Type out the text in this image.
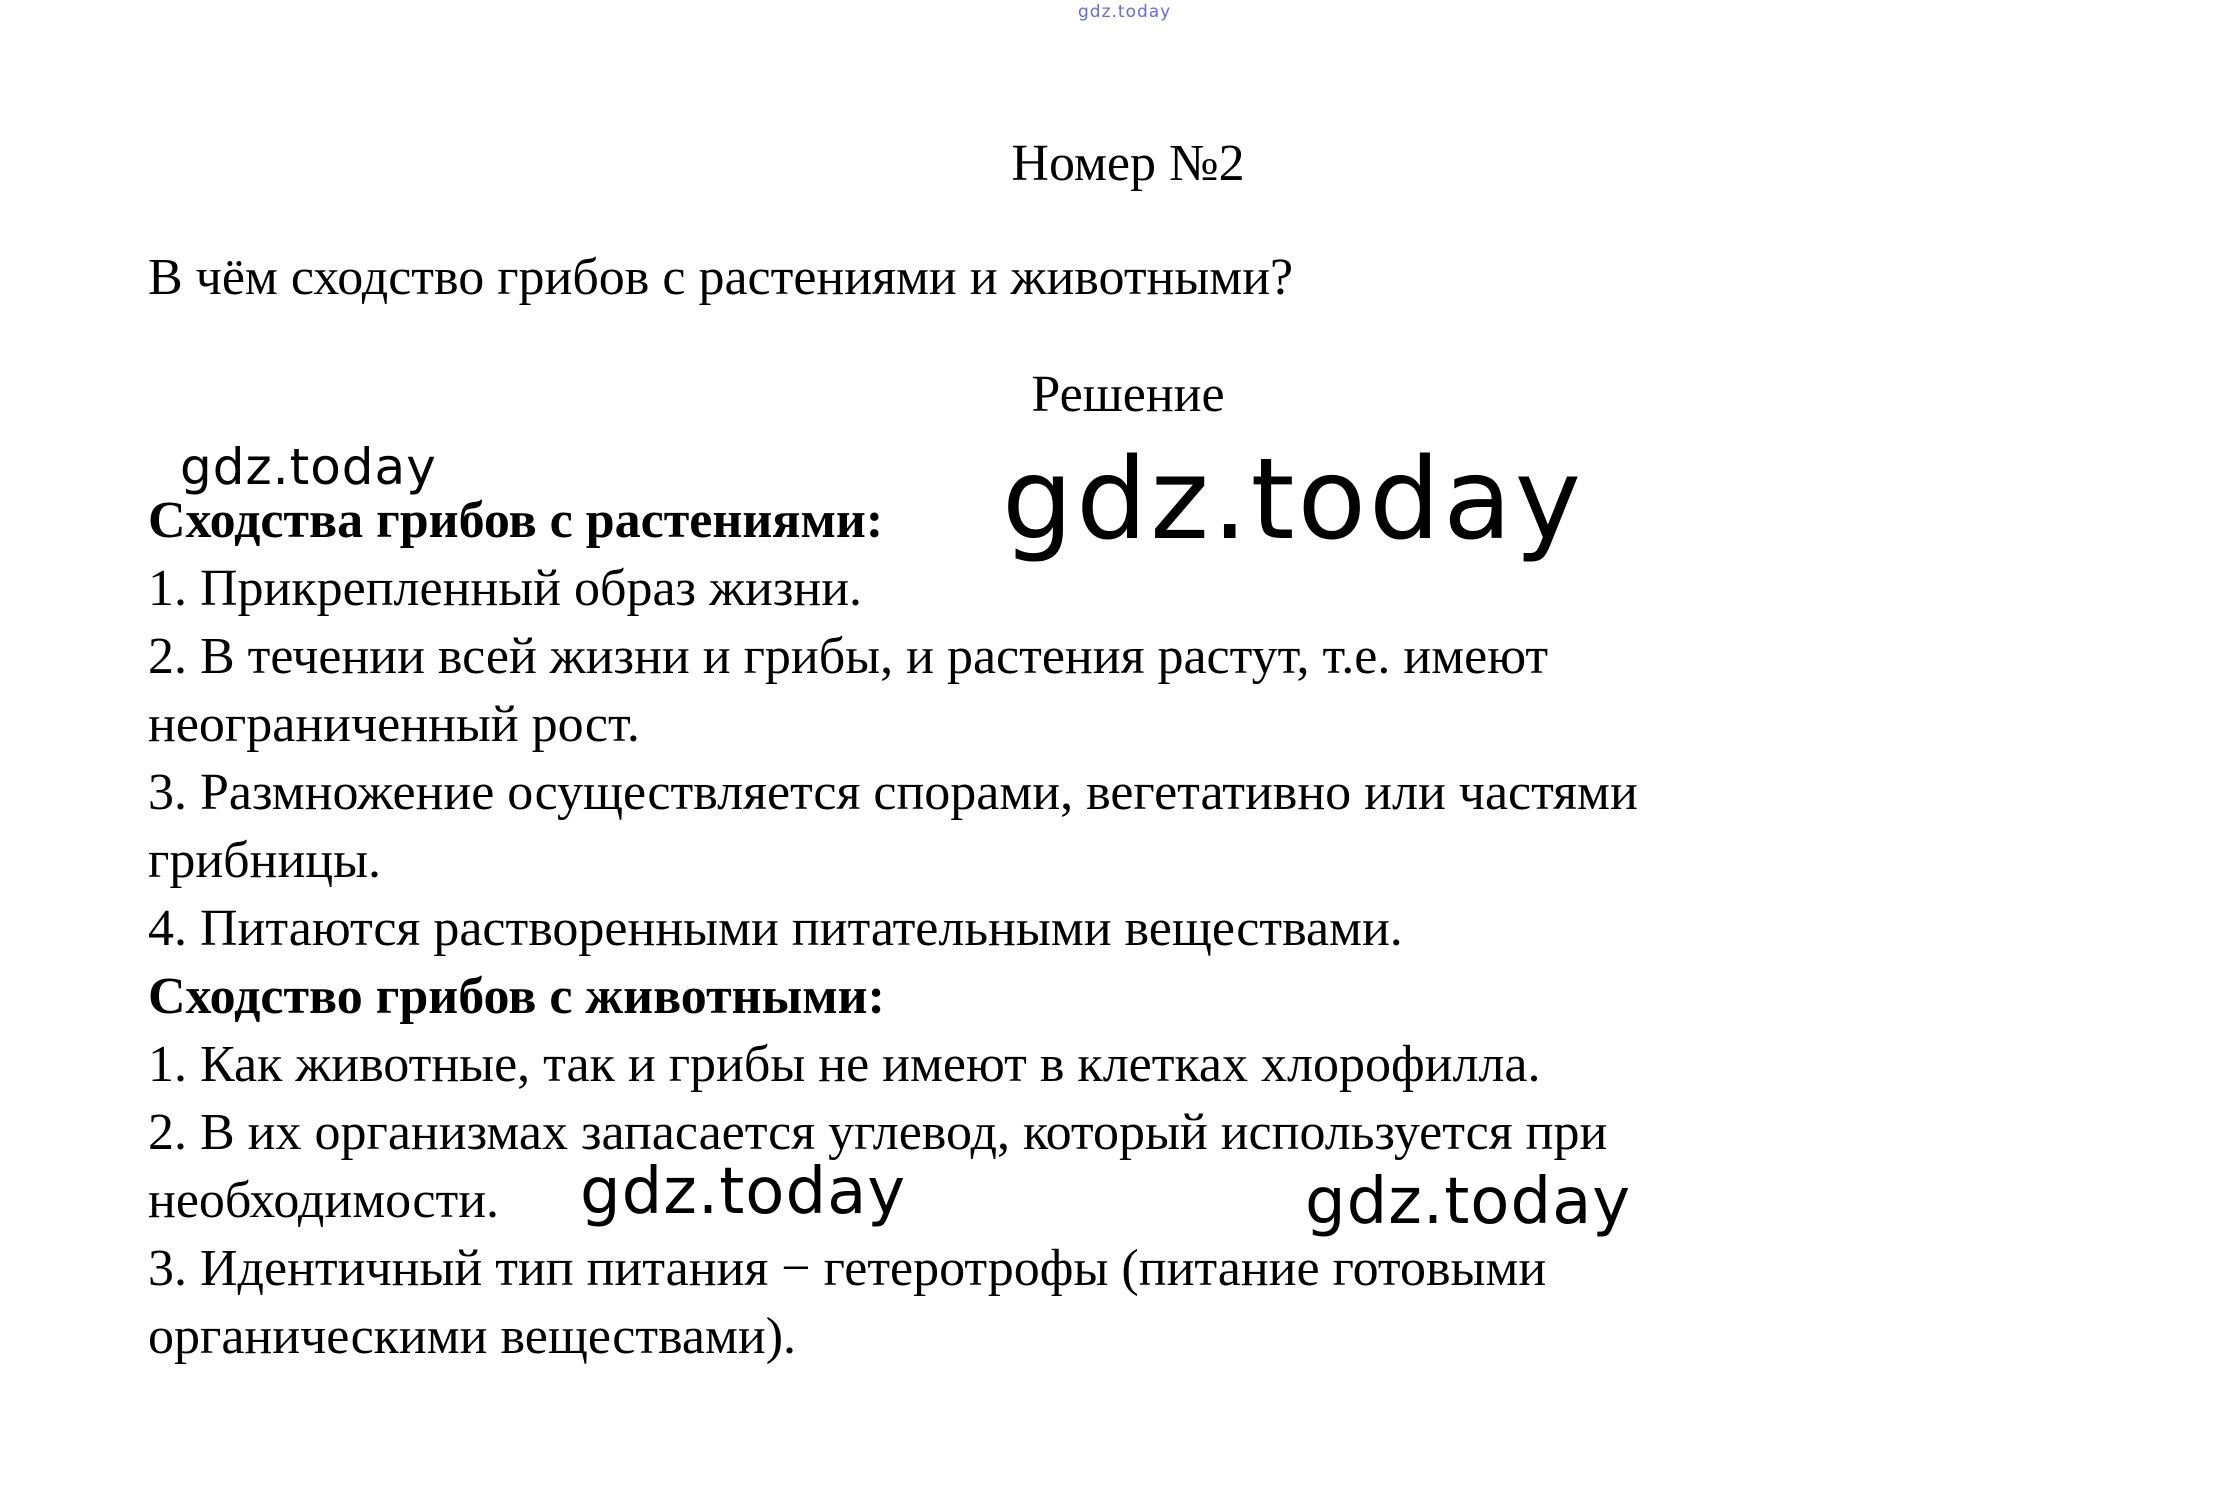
gdz.today
Номер №2
В чём сходство грибов с растениями и животными?
Решение
gdz.today
Сходства грибов с растениями:
1. Прикрепленный образ жизни.
2. В течении всей жизни и грибы, и растения растут, т.е. имеют
неограниченный рост.
3. Размножение осуществляется спорами, вегетативно или частями
грибницы.
4. Питаются растворенными питательными веществами.
Сходство грибов с животными:
1. Как животные, так и грибы не имеют в клетках хлорофилла.
2. В их организмах запасается углевод, который используется при
необходимости.
3. Идентичный тип питания − гетеротрофы (питание готовыми
органическими веществами).
gdz.today
gdz.today	gdz.today
